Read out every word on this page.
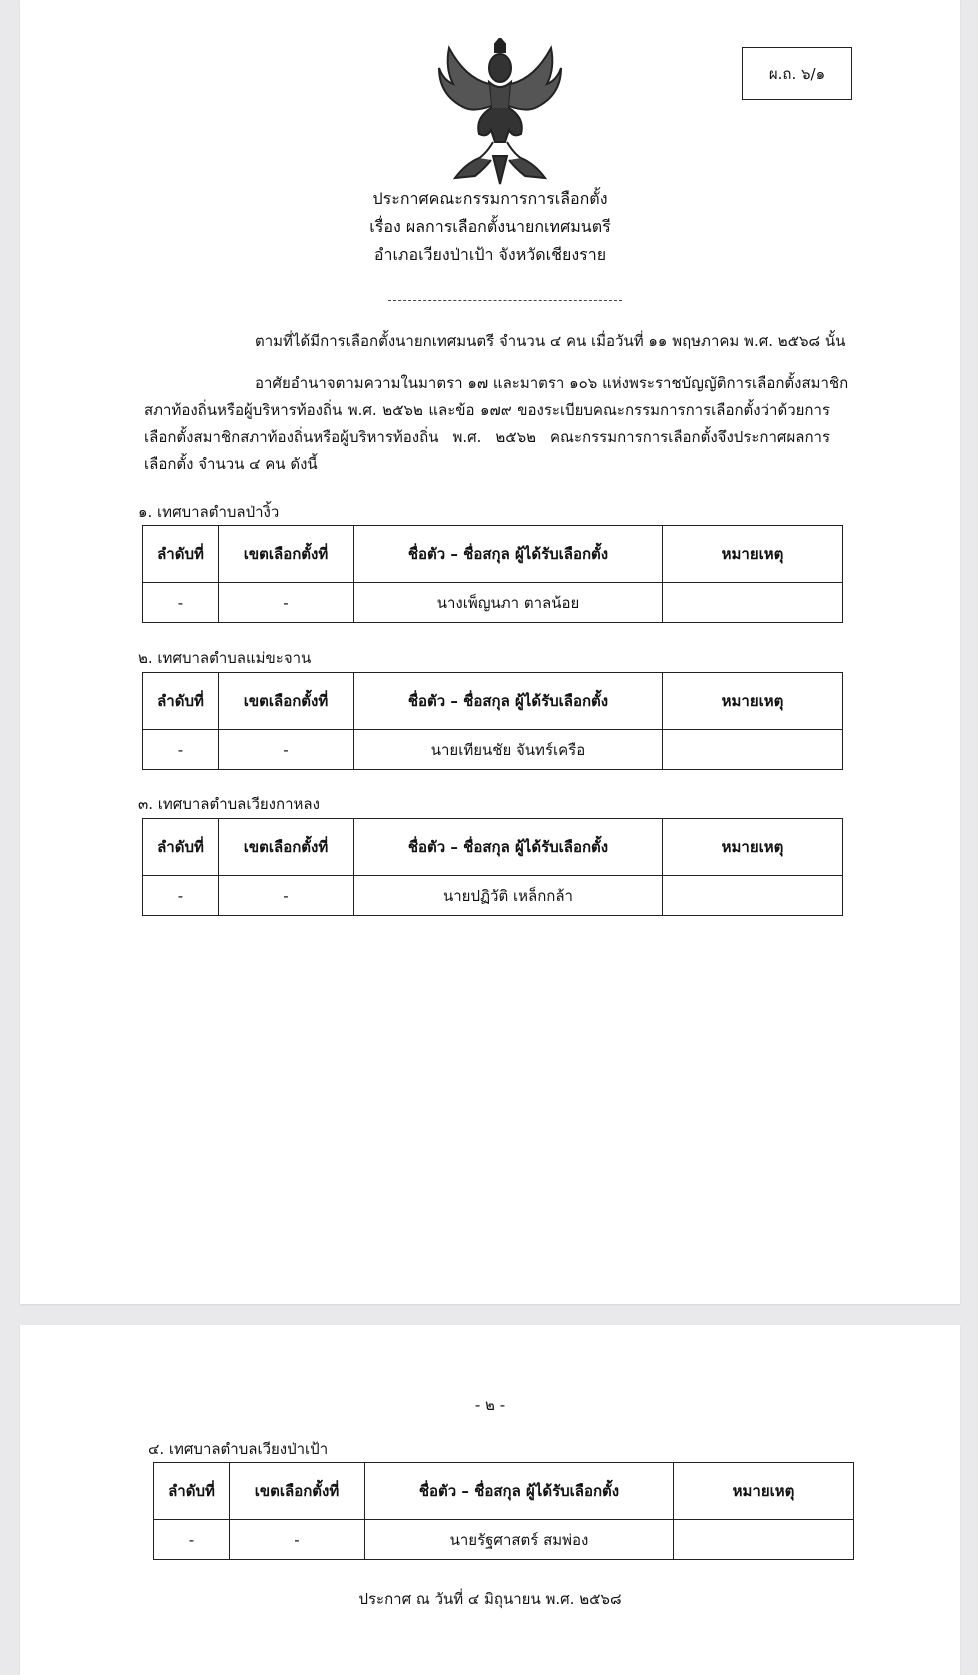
ผ.ถ. ๖/๑
ประกาศคณะกรรมการการเลือกตั้ง
เรื่อง ผลการเลือกตั้งนายกเทศมนตรี
อำเภอเวียงป่าเป้า จังหวัดเชียงราย
ตามที่ได้มีการเลือกตั้งนายกเทศมนตรี จำนวน ๔ คน เมื่อวันที่ ๑๑ พฤษภาคม พ.ศ. ๒๕๖๘ นั้น
อาศัยอำนาจตามความในมาตรา ๑๗ และมาตรา ๑๐๖ แห่งพระราชบัญญัติการเลือกตั้งสมาชิก
สภาท้องถิ่นหรือผู้บริหารท้องถิ่น พ.ศ. ๒๕๖๒ และข้อ ๑๗๙ ของระเบียบคณะกรรมการการเลือกตั้งว่าด้วยการเลือกตั้งสมาชิกสภาท้องถิ่นหรือผู้บริหารท้องถิ่น พ.ศ. ๒๕๖๒ คณะกรรมการการเลือกตั้งจึงประกาศผลการเลือกตั้ง จำนวน ๔ คน ดังนี้
๑. เทศบาลตำบลป่างิ้ว
ลำดับที่	เขตเลือกตั้งที่	ชื่อตัว – ชื่อสกุล ผู้ได้รับเลือกตั้ง	หมายเหตุ
-	-	นางเพ็ญนภา ตาลน้อย	
๒. เทศบาลตำบลแม่ขะจาน
ลำดับที่	เขตเลือกตั้งที่	ชื่อตัว – ชื่อสกุล ผู้ได้รับเลือกตั้ง	หมายเหตุ
-	-	นายเทียนชัย จันทร์เครือ	
๓. เทศบาลตำบลเวียงกาหลง
ลำดับที่	เขตเลือกตั้งที่	ชื่อตัว – ชื่อสกุล ผู้ได้รับเลือกตั้ง	หมายเหตุ
-	-	นายปฏิวัติ เหล็กกล้า	
- ๒ -
๔. เทศบาลตำบลเวียงป่าเป้า
ลำดับที่	เขตเลือกตั้งที่	ชื่อตัว – ชื่อสกุล ผู้ได้รับเลือกตั้ง	หมายเหตุ
-	-	นายรัฐศาสตร์ สมพ่อง	
ประกาศ ณ วันที่ ๔ มิถุนายน พ.ศ. ๒๕๖๘
